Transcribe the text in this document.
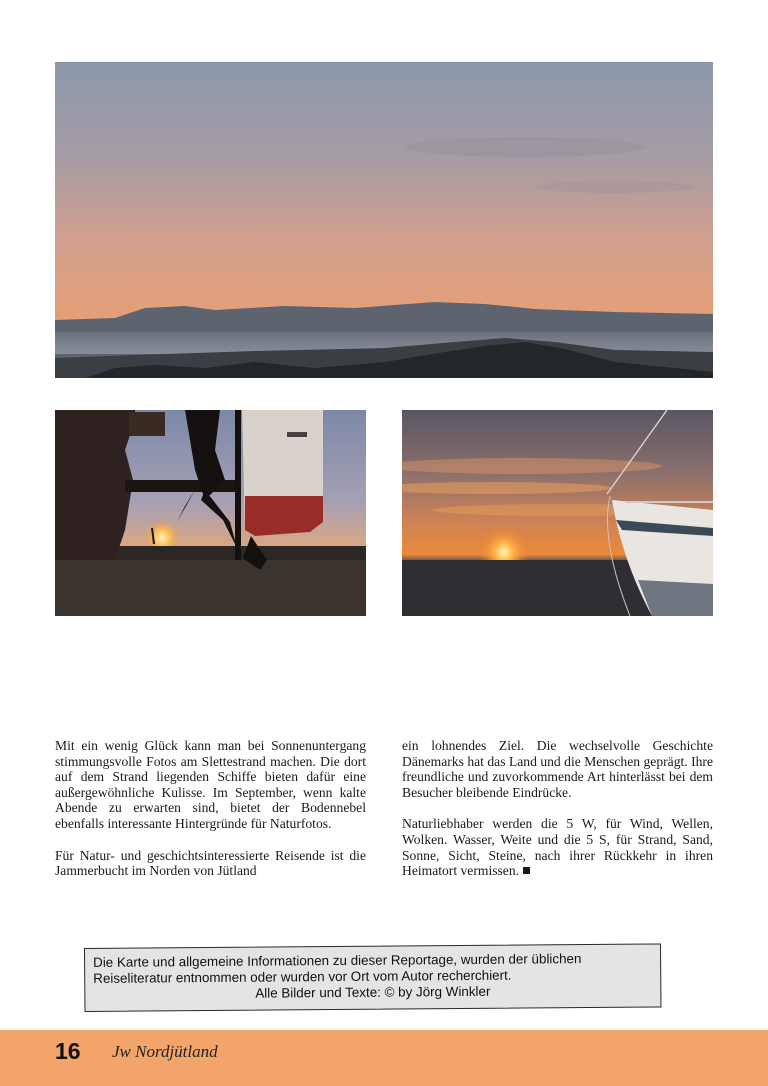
Mit ein wenig Glück kann man bei Sonnenuntergang stimmungsvolle Fotos am Slettestrand machen. Die dort auf dem Strand liegenden Schiffe bieten dafür eine außergewöhnliche Kulisse. Im September, wenn kalte Abende zu erwarten sind, bietet der Bodennebel ebenfalls interessante Hintergründe für Naturfotos.

Für Natur- und geschichtsinteressierte Reisende ist die Jammerbucht im Norden von Jütland

ein lohnendes Ziel. Die wechselvolle Geschichte Dänemarks hat das Land und die Menschen geprägt. Ihre freundliche und zuvorkommende Art hinterlässt bei dem Besucher bleibende Eindrücke.

Naturliebhaber werden die 5 W, für Wind, Wellen, Wolken. Wasser, Weite und die 5 S, für Strand, Sand, Sonne, Sicht, Steine, nach ihrer Rückkehr in ihren Heimatort vermissen.

Die Karte und allgemeine Informationen zu dieser Reportage, wurden der üblichen
Reiseliteratur entnommen oder wurden vor Ort vom Autor recherchiert.
Alle Bilder und Texte: © by Jörg Winkler
16 Jw Nordjütland
